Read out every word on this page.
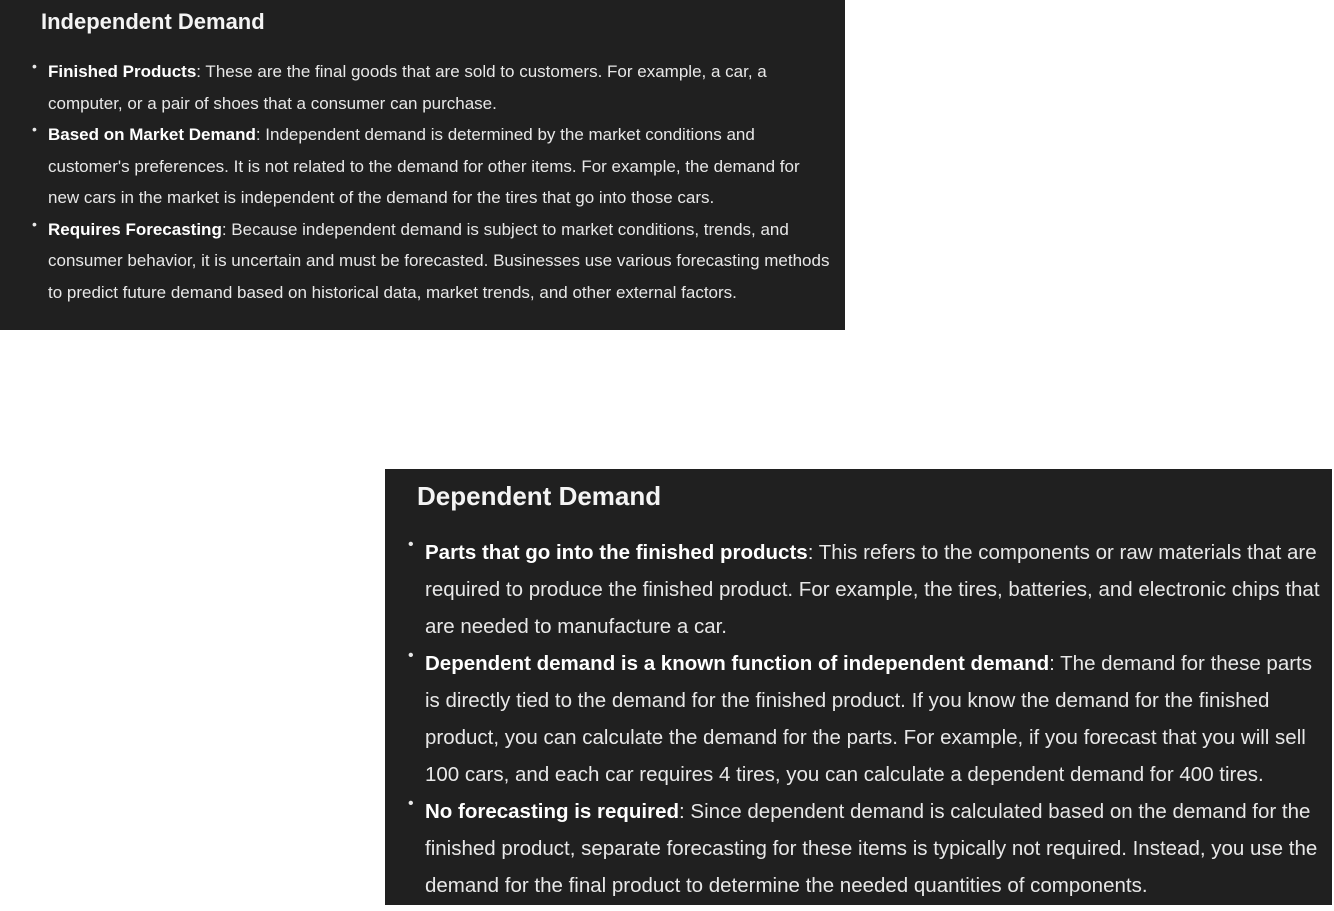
Independent Demand
• Finished Products: These are the final goods that are sold to customers. For example, a car, a computer, or a pair of shoes that a consumer can purchase.
• Based on Market Demand: Independent demand is determined by the market conditions and customer's preferences. It is not related to the demand for other items. For example, the demand for new cars in the market is independent of the demand for the tires that go into those cars.
• Requires Forecasting: Because independent demand is subject to market conditions, trends, and consumer behavior, it is uncertain and must be forecasted. Businesses use various forecasting methods to predict future demand based on historical data, market trends, and other external factors.
Dependent Demand
• Parts that go into the finished products: This refers to the components or raw materials that are required to produce the finished product. For example, the tires, batteries, and electronic chips that are needed to manufacture a car.
• Dependent demand is a known function of independent demand: The demand for these parts is directly tied to the demand for the finished product. If you know the demand for the finished product, you can calculate the demand for the parts. For example, if you forecast that you will sell 100 cars, and each car requires 4 tires, you can calculate a dependent demand for 400 tires.
• No forecasting is required: Since dependent demand is calculated based on the demand for the finished product, separate forecasting for these items is typically not required. Instead, you use the demand for the final product to determine the needed quantities of components.
